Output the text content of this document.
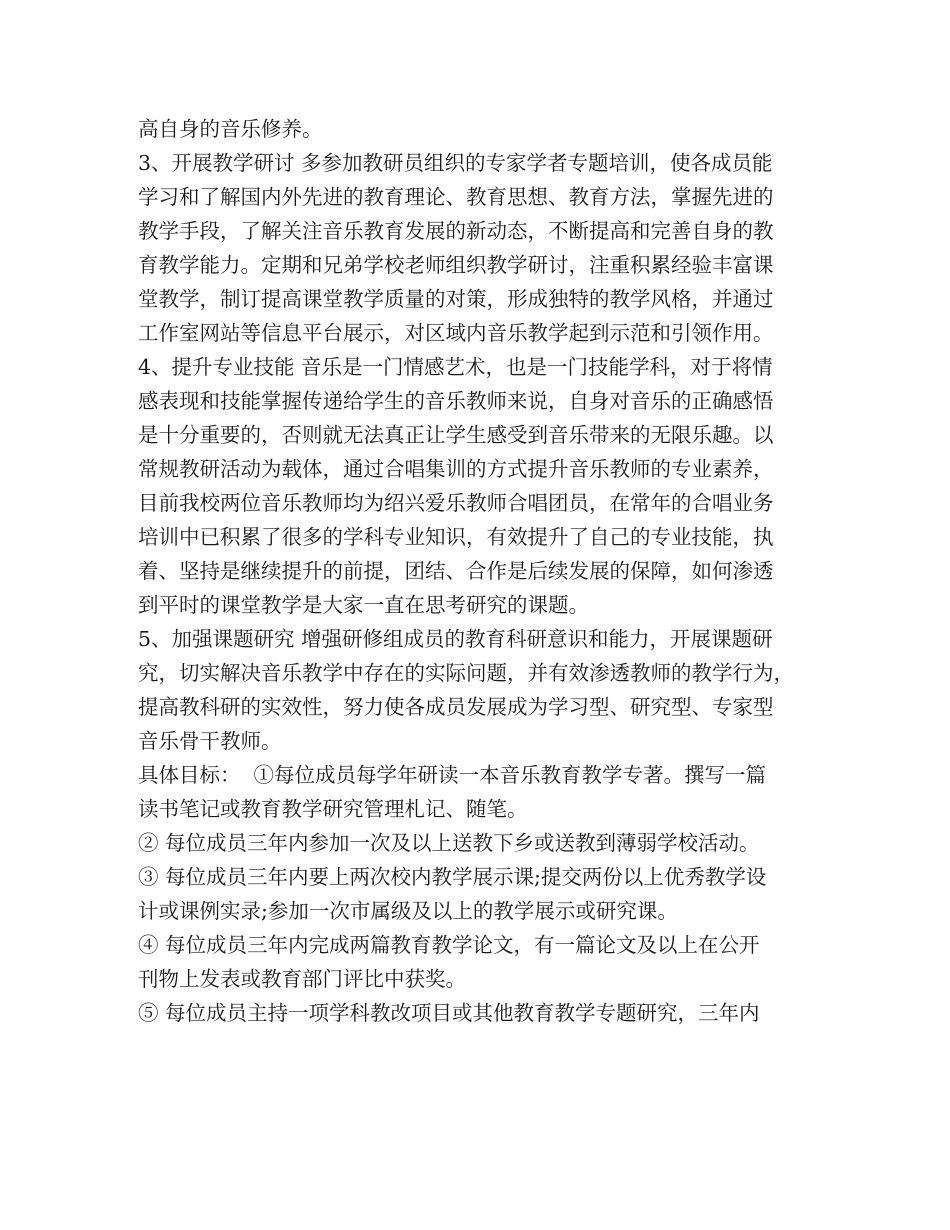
高自身的音乐修养。
3、开展教学研讨 多参加教研员组织的专家学者专题培训，使各成员能
学习和了解国内外先进的教育理论、教育思想、教育方法，掌握先进的
教学手段，了解关注音乐教育发展的新动态，不断提高和完善自身的教
育教学能力。定期和兄弟学校老师组织教学研讨，注重积累经验丰富课
堂教学，制订提高课堂教学质量的对策，形成独特的教学风格，并通过
工作室网站等信息平台展示，对区域内音乐教学起到示范和引领作用。
4、提升专业技能 音乐是一门情感艺术，也是一门技能学科，对于将情
感表现和技能掌握传递给学生的音乐教师来说，自身对音乐的正确感悟
是十分重要的，否则就无法真正让学生感受到音乐带来的无限乐趣。以
常规教研活动为载体，通过合唱集训的方式提升音乐教师的专业素养，
目前我校两位音乐教师均为绍兴爱乐教师合唱团员，在常年的合唱业务
培训中已积累了很多的学科专业知识，有效提升了自己的专业技能，执
着、坚持是继续提升的前提，团结、合作是后续发展的保障，如何渗透
到平时的课堂教学是大家一直在思考研究的课题。
5、加强课题研究 增强研修组成员的教育科研意识和能力，开展课题研
究，切实解决音乐教学中存在的实际问题，并有效渗透教师的教学行为，
提高教科研的实效性，努力使各成员发展成为学习型、研究型、专家型
音乐骨干教师。
具体目标：  ①每位成员每学年研读一本音乐教育教学专著。撰写一篇
读书笔记或教育教学研究管理札记、随笔。
② 每位成员三年内参加一次及以上送教下乡或送教到薄弱学校活动。
③ 每位成员三年内要上两次校内教学展示课;提交两份以上优秀教学设
计或课例实录;参加一次市属级及以上的教学展示或研究课。
④ 每位成员三年内完成两篇教育教学论文，有一篇论文及以上在公开
刊物上发表或教育部门评比中获奖。
⑤ 每位成员主持一项学科教改项目或其他教育教学专题研究，三年内
